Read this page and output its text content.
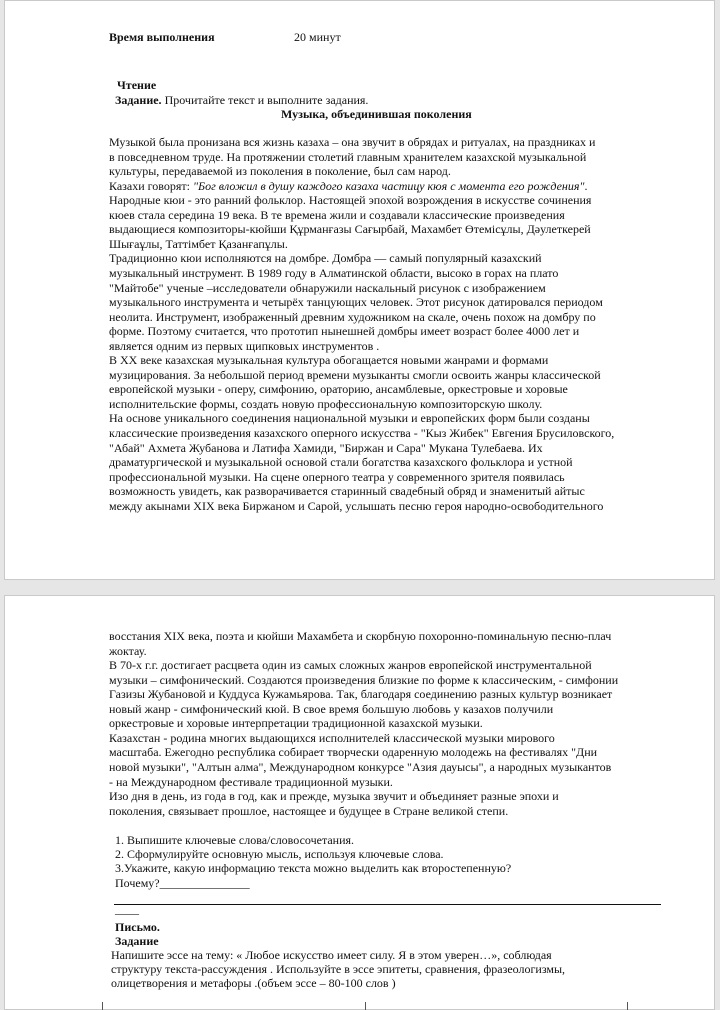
Время выполнения	20 минут

Чтение

Задание. Прочитайте текст и выполните задания.

Музыка, объединившая поколения

Музыкой была пронизана вся жизнь казаха – она звучит в обрядах и ритуалах, на праздниках и

в повседневном труде. На протяжении столетий главным хранителем казахской музыкальной

культуры, передаваемой из поколения в поколение, был сам народ.

Казахи говорят: "Бог вложил в душу каждого казаха частицу кюя с момента его рождения".

Народные кюи - это ранний фольклор. Настоящей эпохой возрождения в искусстве сочинения

кюев стала середина 19 века. В те времена жили и создавали классические произведения

выдающиеся композиторы-кюйши Құрманғазы Сағырбай, Махамбет Өтемісұлы, Дәулеткерей

Шығаұлы, Таттімбет Қазанғапұлы.

Традиционно кюи исполняются на домбре. Домбра — самый популярный казахский

музыкальный инструмент. В 1989 году в Алматинской области, высоко в горах на плато

"Майтобе" ученые –исследователи обнаружили наскальный рисунок с изображением

музыкального инструмента и четырёх танцующих человек. Этот рисунок датировался периодом

неолита. Инструмент, изображенный древним художником на скале, очень похож на домбру по

форме. Поэтому считается, что прототип нынешней домбры имеет возраст более 4000 лет и

является одним из первых щипковых инструментов .

В XX веке казахская музыкальная культура обогащается новыми жанрами и формами

музицирования. За небольшой период времени музыканты смогли освоить жанры классической

европейской музыки - оперу, симфонию, ораторию, ансамблевые, оркестровые и хоровые

исполнительские формы, создать новую профессиональную композиторскую школу.

На основе уникального соединения национальной музыки и европейских форм были созданы

классические произведения казахского оперного искусства - "Кыз Жибек" Евгения Брусиловского,

"Абай" Ахмета Жубанова и Латифа Хамиди, "Биржан и Сара" Мукана Тулебаева. Их

драматургической и музыкальной основой стали богатства казахского фольклора и устной

профессиональной музыки. На сцене оперного театра у современного зрителя появилась

возможность увидеть, как разворачивается старинный свадебный обряд и знаменитый айтыс

между акынами XIX века Биржаном и Сарой, услышать песню героя народно-освободительного

восстания XIX века, поэта и кюйши Махамбета и скорбную похоронно-поминальную песню-плач

жоктау.

В 70-х г.г. достигает расцвета один из самых сложных жанров европейской инструментальной

музыки – симфонический. Создаются произведения близкие по форме к классическим, - симфонии

Газизы Жубановой и Куддуса Кужамьярова. Так, благодаря соединению разных культур возникает

новый жанр - симфонический кюй. В свое время большую любовь у казахов получили

оркестровые и хоровые интерпретации традиционной казахской музыки.

Казахстан - родина многих выдающихся исполнителей классической музыки мирового

масштаба. Ежегодно республика собирает творчески одаренную молодежь на фестивалях "Дни

новой музыки", "Алтын алма", Международном конкурсе "Азия дауысы", а народных музыкантов

- на Международном фестивале традиционной музыки.

Изо дня в день, из года в год, как и прежде, музыка звучит и объединяет разные эпохи и

поколения, связывает прошлое, настоящее и будущее в Стране великой степи.

1. Выпишите ключевые слова/словосочетания.

2. Сформулируйте основную мысль, используя ключевые слова.

3.Укажите, какую информацию текста можно выделить как второстепенную?

Почему?_______________

____

Письмо.

Задание

Напишите эссе на тему: « Любое искусство имеет силу. Я в этом уверен…», соблюдая

структуру текста-рассуждения . Используйте в эссе эпитеты, сравнения, фразеологизмы,

олицетворения и метафоры .(объем эссе – 80-100 слов )
